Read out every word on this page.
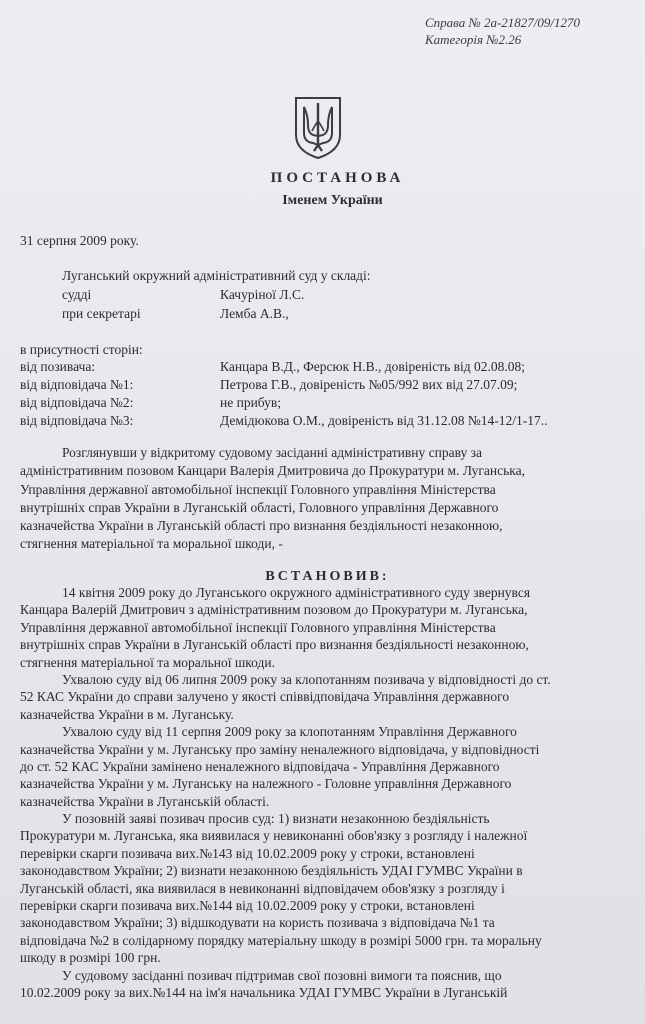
Справа № 2а-21827/09/1270
Категорія №2.26
ПОСТАНОВА
Іменем України
31 серпня 2009 року.
Луганський окружний адміністративний суд у складі:
судді	Качуріної Л.С.
при секретарі	Лемба А.В.,
в присутності сторін:
від позивача:	Канцара В.Д., Ферсюк Н.В., довіреність від 02.08.08;
від відповідача №1:	Петрова Г.В., довіреність №05/992 вих від 27.07.09;
від відповідача №2:	не прибув;
від відповідача №3:	Демідюкова О.М., довіреність від 31.12.08 №14-12/1-17..
Розглянувши у відкритому судовому засіданні адміністративну справу за
адміністративним позовом Канцари Валерія Дмитровича до Прокуратури м. Луганська,
Управління державної автомобільної інспекції Головного управління Міністерства
внутрішніх справ України в Луганській області, Головного управління Державного
казначейства України в Луганській області про визнання бездіяльності незаконною,
стягнення матеріальної та моральної шкоди, -
ВСТАНОВИВ:
14 квітня 2009 року до Луганського окружного адміністративного суду звернувся
Канцара Валерій Дмитрович з адміністративним позовом до Прокуратури м. Луганська,
Управління державної автомобільної інспекції Головного управління Міністерства
внутрішніх справ України в Луганській області про визнання бездіяльності незаконною,
стягнення матеріальної та моральної шкоди.
Ухвалою суду від 06 липня 2009 року за клопотанням позивача у відповідності до ст.
52 КАС України до справи залучено у якості співвідповідача Управління державного
казначейства України в м. Луганську.
Ухвалою суду від 11 серпня 2009 року за клопотанням Управління Державного
казначейства України у м. Луганську про заміну неналежного відповідача, у відповідності
до ст. 52 КАС України замінено неналежного відповідача - Управління Державного
казначейства України у м. Луганську на належного - Головне управління Державного
казначейства України в Луганській області.
У позовній заяві позивач просив суд: 1) визнати незаконною бездіяльність
Прокуратури м. Луганська, яка виявилася у невиконанні обов'язку з розгляду і належної
перевірки скарги позивача вих.№143 від 10.02.2009 року у строки, встановлені
законодавством України; 2) визнати незаконною бездіяльність УДАІ ГУМВС України в
Луганській області, яка виявилася в невиконанні відповідачем обов'язку з розгляду і
перевірки скарги позивача вих.№144 від 10.02.2009 року у строки, встановлені
законодавством України; 3) відшкодувати на користь позивача з відповідача №1 та
відповідача №2 в солідарному порядку матеріальну шкоду в розмірі 5000 грн. та моральну
шкоду в розмірі 100 грн.
У судовому засіданні позивач підтримав свої позовні вимоги та пояснив, що
10.02.2009 року за вих.№144 на ім'я начальника УДАІ ГУМВС України в Луганській
